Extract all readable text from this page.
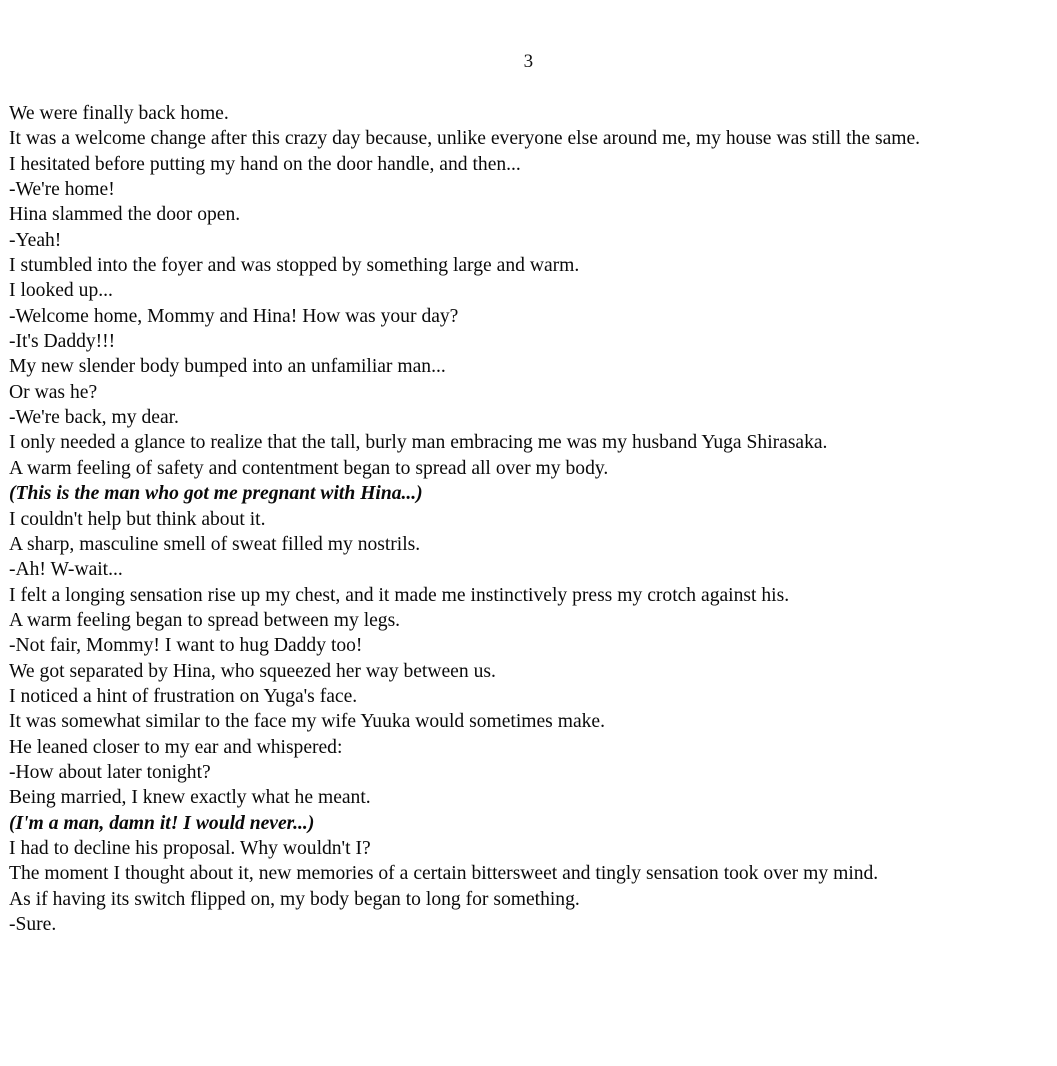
3

We were finally back home.

It was a welcome change after this crazy day because, unlike everyone else around me, my house was still the same.

I hesitated before putting my hand on the door handle, and then...

-We're home!

Hina slammed the door open.

-Yeah!

I stumbled into the foyer and was stopped by something large and warm.

I looked up...

-Welcome home, Mommy and Hina! How was your day?

-It's Daddy!!!

My new slender body bumped into an unfamiliar man...

Or was he?

-We're back, my dear.

I only needed a glance to realize that the tall, burly man embracing me was my husband Yuga Shirasaka.

A warm feeling of safety and contentment began to spread all over my body.

(This is the man who got me pregnant with Hina...)

I couldn't help but think about it.

A sharp, masculine smell of sweat filled my nostrils.

-Ah! W-wait...

I felt a longing sensation rise up my chest, and it made me instinctively press my crotch against his.

A warm feeling began to spread between my legs.

-Not fair, Mommy! I want to hug Daddy too!

We got separated by Hina, who squeezed her way between us.

I noticed a hint of frustration on Yuga's face.

It was somewhat similar to the face my wife Yuuka would sometimes make.

He leaned closer to my ear and whispered:

-How about later tonight?

Being married, I knew exactly what he meant.

(I'm a man, damn it! I would never...)

I had to decline his proposal. Why wouldn't I?

The moment I thought about it, new memories of a certain bittersweet and tingly sensation took over my mind.

As if having its switch flipped on, my body began to long for something.

-Sure.
